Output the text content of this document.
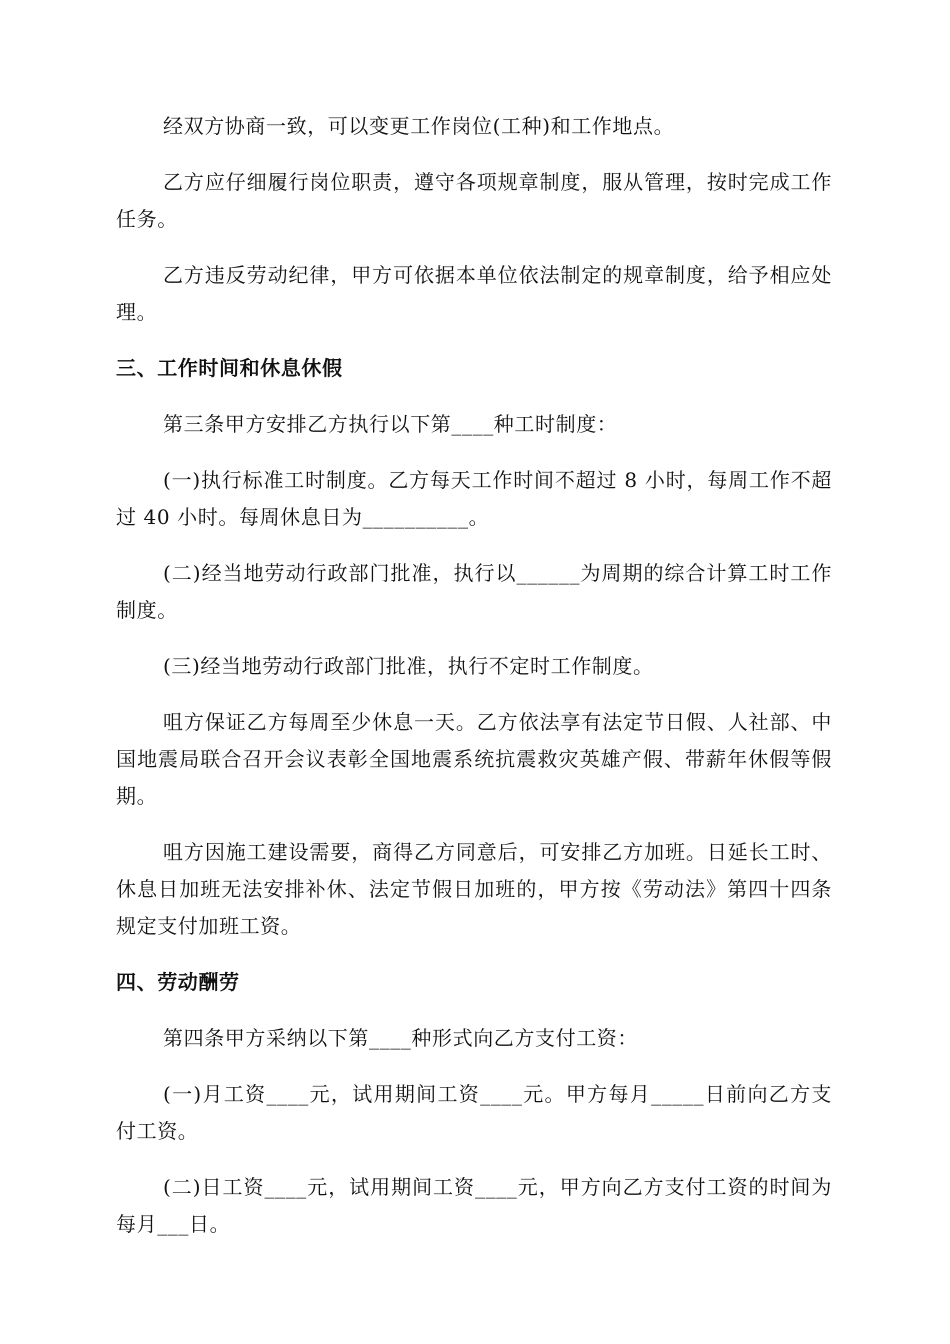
经双方协商一致，可以变更工作岗位(工种)和工作地点。

乙方应仔细履行岗位职责，遵守各项规章制度，服从管理，按时完成工作任务。

乙方违反劳动纪律，甲方可依据本单位依法制定的规章制度，给予相应处理。

三、工作时间和休息休假

第三条甲方安排乙方执行以下第____种工时制度：

(一)执行标准工时制度。乙方每天工作时间不超过 8 小时，每周工作不超过 40 小时。每周休息日为__________。

(二)经当地劳动行政部门批准，执行以______为周期的综合计算工时工作制度。

(三)经当地劳动行政部门批准，执行不定时工作制度。

咀方保证乙方每周至少休息一天。乙方依法享有法定节日假、人社部、中国地震局联合召开会议表彰全国地震系统抗震救灾英雄产假、带薪年休假等假期。

咀方因施工建设需要，商得乙方同意后，可安排乙方加班。日延长工时、休息日加班无法安排补休、法定节假日加班的，甲方按《劳动法》第四十四条规定支付加班工资。

四、劳动酬劳

第四条甲方采纳以下第____种形式向乙方支付工资：

(一)月工资____元，试用期间工资____元。甲方每月_____日前向乙方支付工资。

(二)日工资____元，试用期间工资____元，甲方向乙方支付工资的时间为每月___日。
